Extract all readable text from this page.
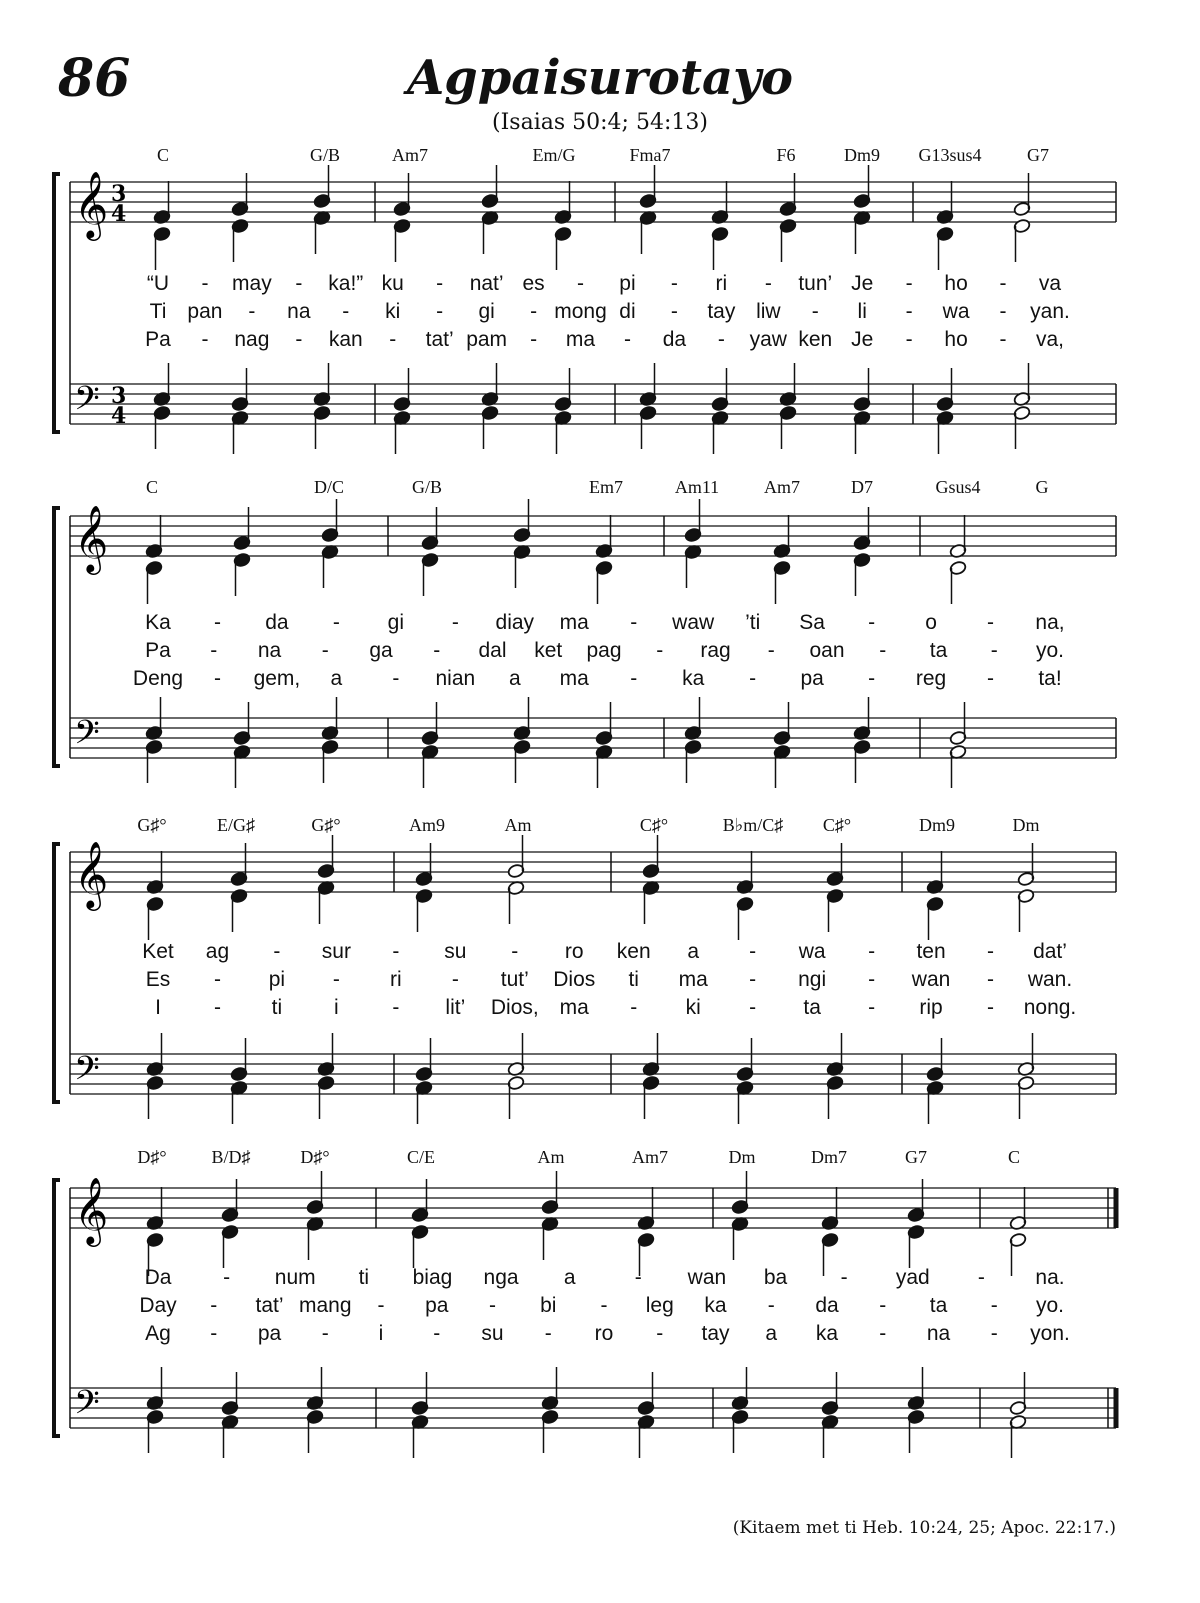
86	Agpaisurotayo
(Isaias 50:4; 54:13)
𝄞
𝄢
3
4
3
4
𝄞
𝄢
𝄞
𝄢
𝄞
𝄢
C	G/B	Am7	Em/G	Fma7	F6	Dm9 G13sus4	G7
“U - may - ka!” ku - nat’ es - pi - ri - tun’ Je - ho - va
Ti pan - na - ki - gi - mong di - tay liw - li - wa - yan.
Pa - nag - kan - tat’ pam - ma - da - yaw ken Je - ho - va,
C	D/C	G/B	Em7	Am11 Am7	D7	Gsus4	G
Ka - da - gi - diay ma - waw ’ti Sa - o - na,
Pa - na - ga - dal ket pag - rag - oan - ta - yo.
Deng - gem, a - nian a ma - ka - pa - reg - ta!
G♯°	E/G♯	G♯°	Am9	Am	C♯°	B♭m/C♯ C♯°	Dm9	Dm
Ket ag - sur - su - ro ken a - wa - ten - dat’
Es - pi - ri - tut’ Dios ti ma - ngi - wan - wan.
I	- ti i	- lit’ Dios, ma - ki - ta - rip - nong.
D♯° B/D♯	D♯°	C/E	Am	Am7	Dm	Dm7	G7	C
Da - num ti biag nga a	- wan ba	- yad - na.
Day - tat’ mang - pa - bi - leg ka - da - ta - yo.
Ag - pa - i - su - ro - tay a ka - na - yon.
(Kitaem met ti Heb. 10:24, 25; Apoc. 22:17.)
